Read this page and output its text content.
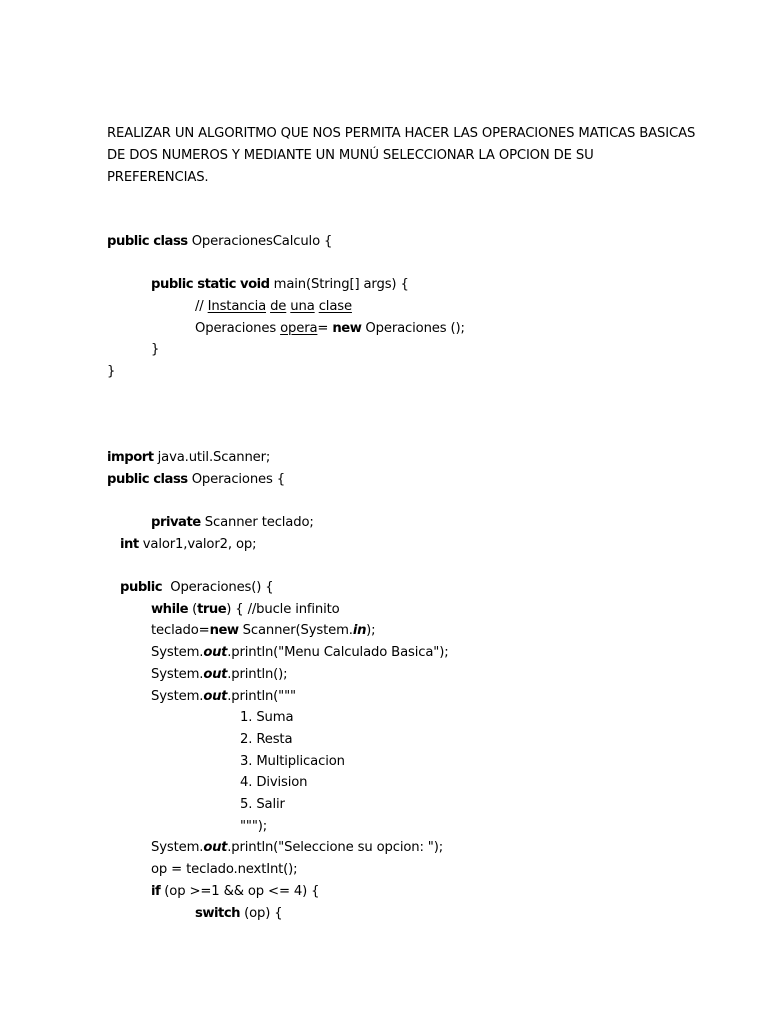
REALIZAR UN ALGORITMO QUE NOS PERMITA HACER LAS OPERACIONES MATICAS BASICAS
DE DOS NUMEROS Y MEDIANTE UN MUNÚ SELECCIONAR LA OPCION DE SU
PREFERENCIAS.
public class OperacionesCalculo {
public static void main(String[] args) {
// Instancia de una clase
Operaciones opera= new Operaciones ();
}
}
import java.util.Scanner;
public class Operaciones {
private Scanner teclado;
int valor1,valor2, op;
public  Operaciones() {
while (true) { //bucle infinito
teclado=new Scanner(System.in);
System.out.println("Menu Calculado Basica");
System.out.println();
System.out.println("""
1. Suma
2. Resta
3. Multiplicacion
4. Division
5. Salir
""");
System.out.println("Seleccione su opcion: ");
op = teclado.nextInt();
if (op >=1 && op <= 4) {
switch (op) {
